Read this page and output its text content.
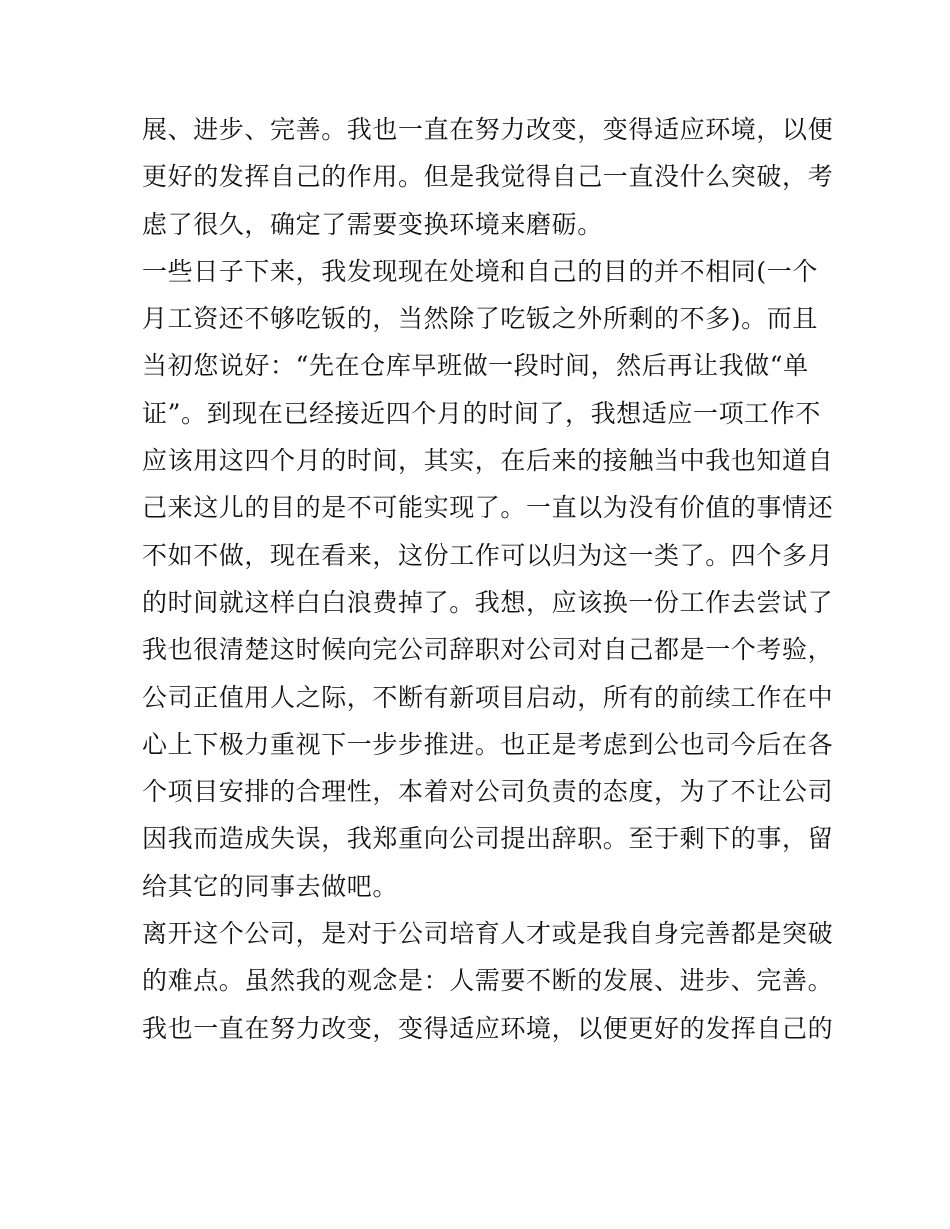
展、进步、完善。我也一直在努力改变，变得适应环境，以便
更好的发挥自己的作用。但是我觉得自己一直没什么突破，考
虑了很久，确定了需要变换环境来磨砺。
一些日子下来，我发现现在处境和自己的目的并不相同(一个
月工资还不够吃钣的，当然除了吃钣之外所剩的不多)。而且
当初您说好：“先在仓库早班做一段时间，然后再让我做“单
证”。到现在已经接近四个月的时间了，我想适应一项工作不
应该用这四个月的时间，其实，在后来的接触当中我也知道自
己来这儿的目的是不可能实现了。一直以为没有价值的事情还
不如不做，现在看来，这份工作可以归为这一类了。四个多月
的时间就这样白白浪费掉了。我想，应该换一份工作去尝试了
我也很清楚这时候向完公司辞职对公司对自己都是一个考验，
公司正值用人之际，不断有新项目启动，所有的前续工作在中
心上下极力重视下一步步推进。也正是考虑到公也司今后在各
个项目安排的合理性，本着对公司负责的态度，为了不让公司
因我而造成失误，我郑重向公司提出辞职。至于剩下的事，留
给其它的同事去做吧。
离开这个公司，是对于公司培育人才或是我自身完善都是突破
的难点。虽然我的观念是：人需要不断的发展、进步、完善。
我也一直在努力改变，变得适应环境，以便更好的发挥自己的
